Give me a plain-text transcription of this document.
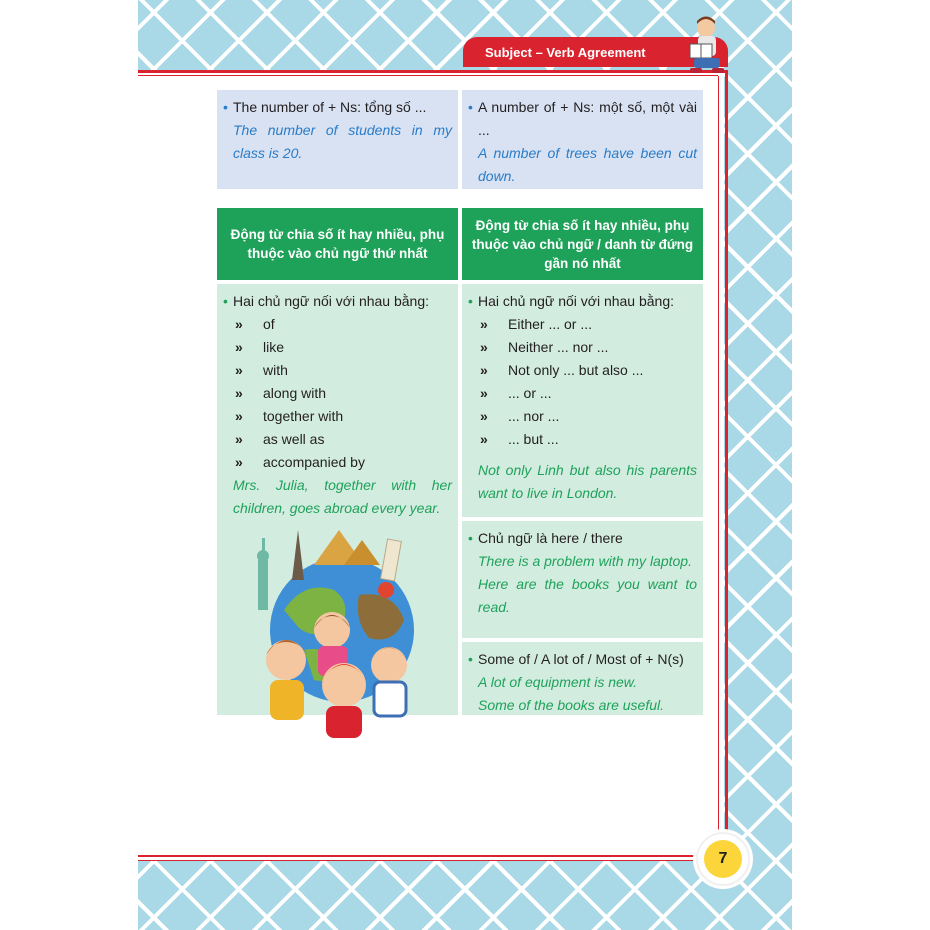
Subject – Verb Agreement
• The number of + Ns: tổng số ...
The number of students in my class is 20.
• A number of + Ns: một số, một vài ...
A number of trees have been cut down.
Động từ chia số ít hay nhiều, phụ thuộc vào chủ ngữ thứ nhất
Động từ chia số ít hay nhiều, phụ thuộc vào chủ ngữ / danh từ đứng gần nó nhất
• Hai chủ ngữ nối với nhau bằng:
»	of
»	like
»	with
»	along with
»	together with
»	as well as
»	accompanied by
Mrs. Julia, together with her children, goes abroad every year.
• Hai chủ ngữ nối với nhau bằng:
»	Either ... or ...
»	Neither ... nor ...
»	Not only ... but also ...
»	... or ...
»	... nor ...
»	... but ...
Not only Linh but also his parents want to live in London.
• Chủ ngữ là here / there
There is a problem with my laptop.
Here are the books you want to read.
• Some of / A lot of / Most of + N(s)
A lot of equipment is new.
Some of the books are useful.
7
